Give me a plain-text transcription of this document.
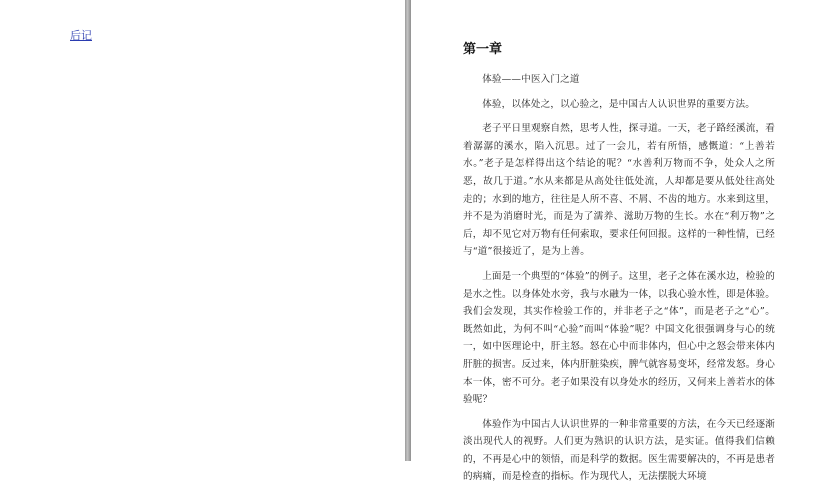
后记
第一章

体验——中医入门之道

体验，以体处之，以心验之，是中国古人认识世界的重要方法。

老子平日里观察自然，思考人性，探寻道。一天，老子路经溪流，看着潺潺的溪水，陷入沉思。过了一会儿，若有所悟，感慨道：“上善若水。”老子是怎样得出这个结论的呢？“水善利万物而不争，处众人之所恶，故几于道。”水从来都是从高处往低处流，人却都是要从低处往高处走的；水到的地方，往往是人所不喜、不屑、不齿的地方。水来到这里，并不是为消磨时光，而是为了濡养、滋助万物的生长。水在“利万物”之后，却不见它对万物有任何索取，要求任何回报。这样的一种性情，已经与“道”很接近了，是为上善。

上面是一个典型的“体验”的例子。这里，老子之体在溪水边，检验的是水之性。以身体处水旁，我与水融为一体，以我心验水性，即是体验。我们会发现，其实作检验工作的，并非老子之“体”，而是老子之“心”。既然如此，为何不叫“心验”而叫“体验”呢？中国文化很强调身与心的统一，如中医理论中，肝主怒。怒在心中而非体内，但心中之怒会带来体内肝脏的损害。反过来，体内肝脏染疾，脾气就容易变坏，经常发怒。身心本一体，密不可分。老子如果没有以身处水的经历，又何来上善若水的体验呢？

体验作为中国古人认识世界的一种非常重要的方法，在今天已经逐渐淡出现代人的视野。人们更为熟识的认识方法，是实证。值得我们信赖的，不再是心中的领悟，而是科学的数据。医生需要解决的，不再是患者的病痛，而是检查的指标。作为现代人，无法摆脱大环境
